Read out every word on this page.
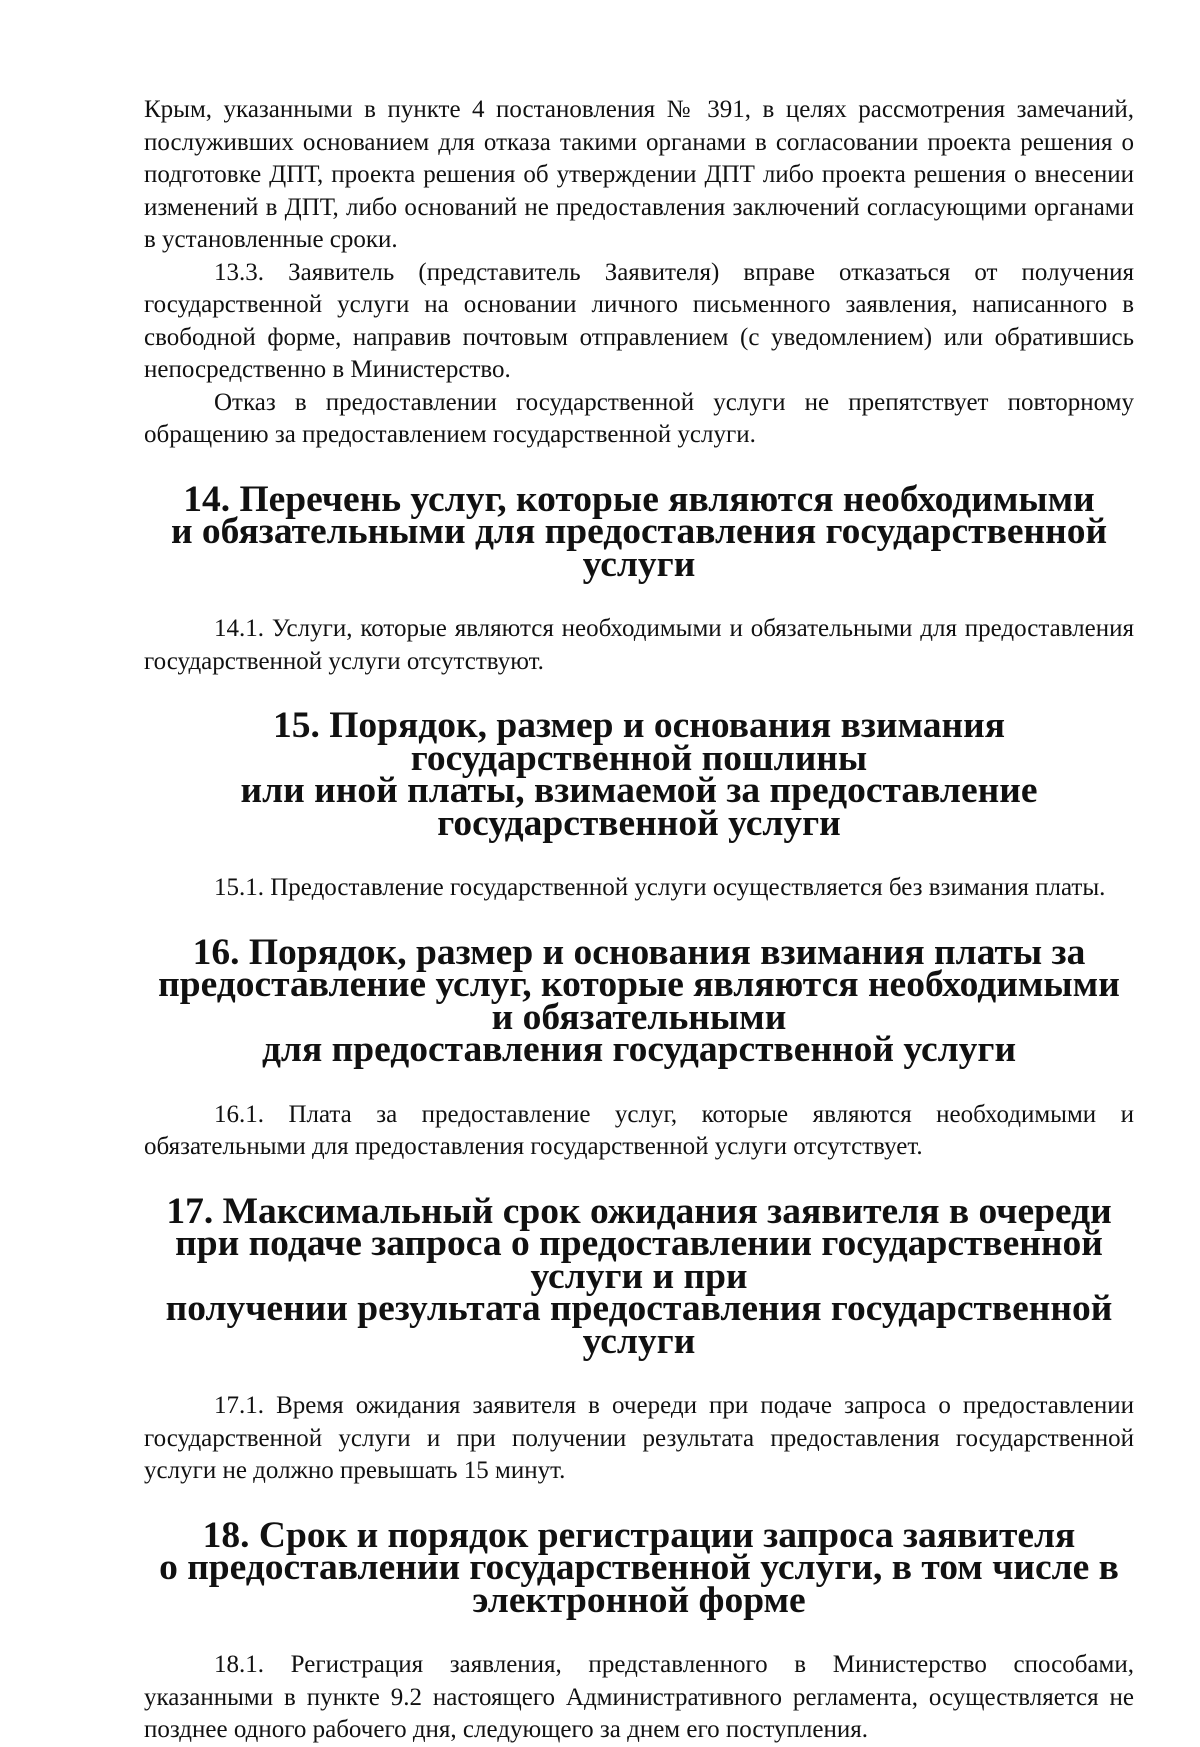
Крым, указанными в пункте 4 постановления № 391, в целях рассмотрения замечаний, послуживших основанием для отказа такими органами в согласовании проекта решения о подготовке ДПТ, проекта решения об утверждении ДПТ либо проекта решения о внесении изменений в ДПТ, либо оснований не предоставления заключений согласующими органами в установленные сроки.

13.3. Заявитель (представитель Заявителя) вправе отказаться от получения государственной услуги на основании личного письменного заявления, написанного в свободной форме, направив почтовым отправлением (с уведомлением) или обратившись непосредственно в Министерство.

Отказ в предоставлении государственной услуги не препятствует повторному обращению за предоставлением государственной услуги.

14. Перечень услуг, которые являются необходимыми
и обязательными для предоставления государственной услуги

14.1. Услуги, которые являются необходимыми и обязательными для предоставления государственной услуги отсутствуют.

15. Порядок, размер и основания взимания государственной пошлины
или иной платы, взимаемой за предоставление государственной услуги

15.1. Предоставление государственной услуги осуществляется без взимания платы.

16. Порядок, размер и основания взимания платы за
предоставление услуг, которые являются необходимыми и обязательными
для предоставления государственной услуги

16.1. Плата за предоставление услуг, которые являются необходимыми и обязательными для предоставления государственной услуги отсутствует.

17. Максимальный срок ожидания заявителя в очереди
при подаче запроса о предоставлении государственной услуги и при
получении результата предоставления государственной услуги

17.1. Время ожидания заявителя в очереди при подаче запроса о предоставлении государственной услуги и при получении результата предоставления государственной услуги не должно превышать 15 минут.

18. Срок и порядок регистрации запроса заявителя
о предоставлении государственной услуги, в том числе в электронной форме

18.1. Регистрация заявления, представленного в Министерство способами, указанными в пункте 9.2 настоящего Административного регламента, осуществляется не позднее одного рабочего дня, следующего за днем его поступления.
